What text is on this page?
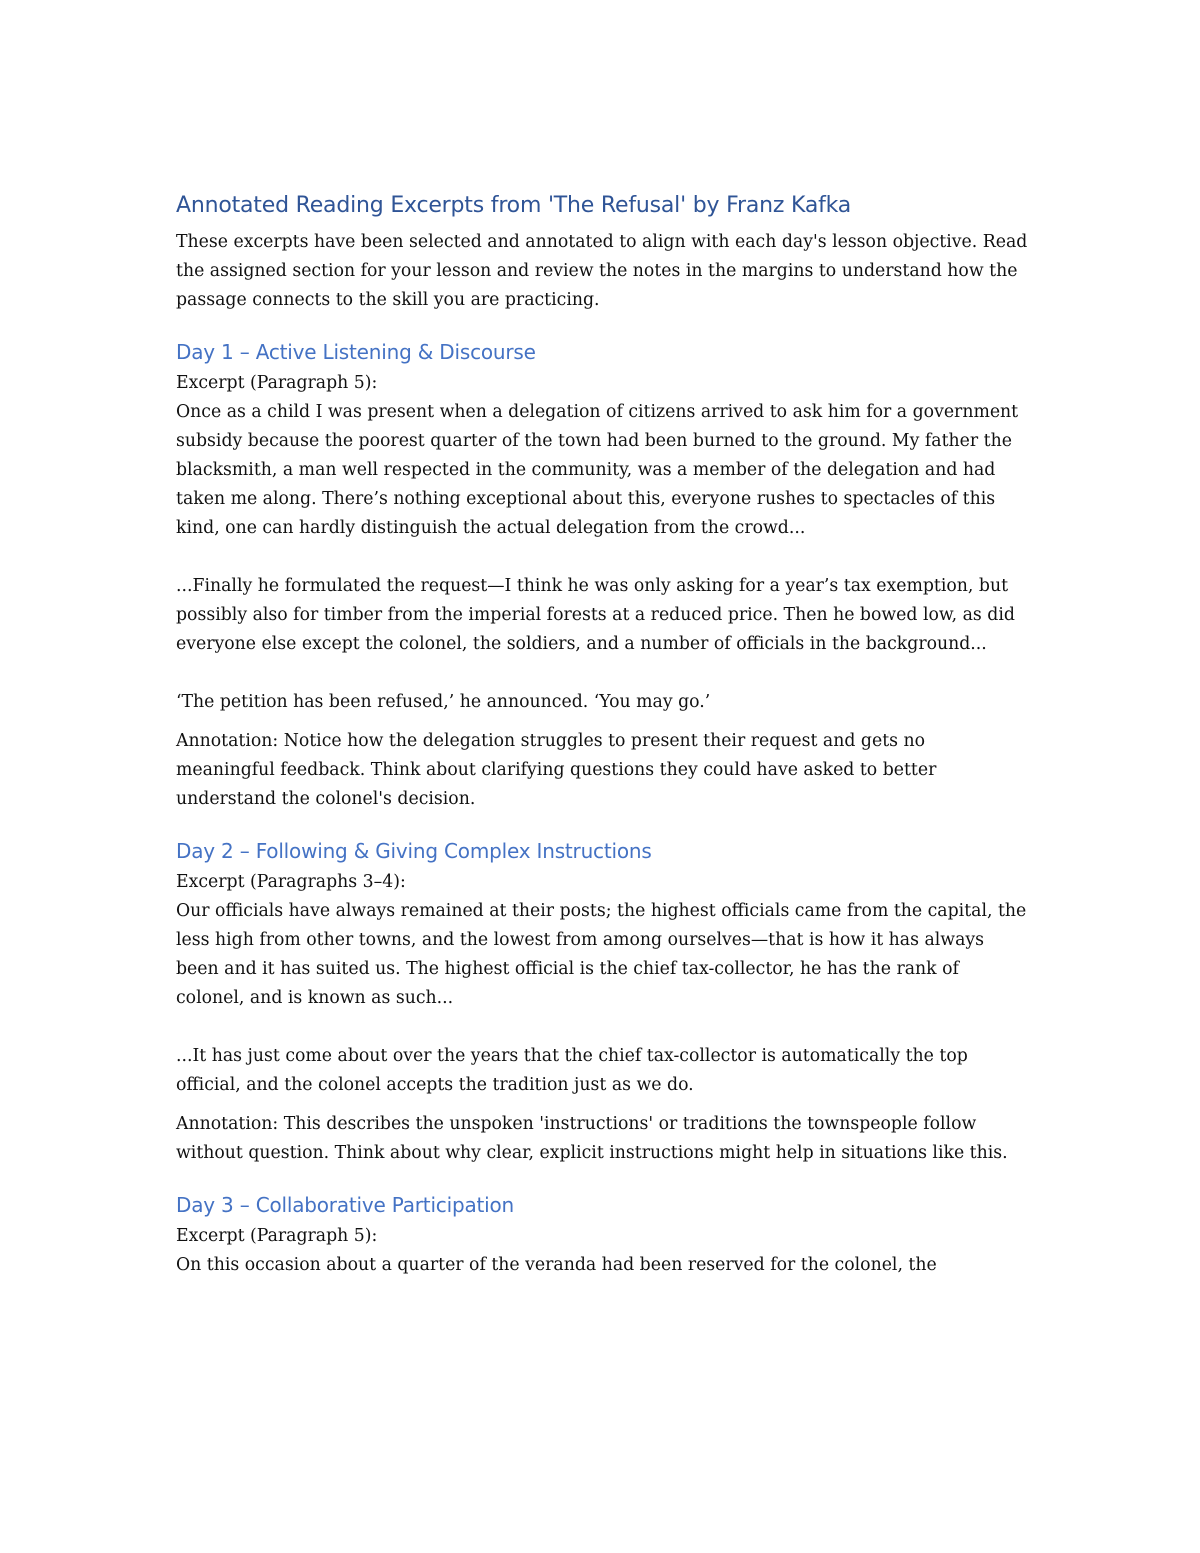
Annotated Reading Excerpts from 'The Refusal' by Franz Kafka

These excerpts have been selected and annotated to align with each day's lesson objective. Read the assigned section for your lesson and review the notes in the margins to understand how the passage connects to the skill you are practicing.

Day 1 – Active Listening & Discourse

Excerpt (Paragraph 5):

Once as a child I was present when a delegation of citizens arrived to ask him for a government subsidy because the poorest quarter of the town had been burned to the ground. My father the blacksmith, a man well respected in the community, was a member of the delegation and had taken me along. There’s nothing exceptional about this, everyone rushes to spectacles of this kind, one can hardly distinguish the actual delegation from the crowd...

...Finally he formulated the request—I think he was only asking for a year’s tax exemption, but possibly also for timber from the imperial forests at a reduced price. Then he bowed low, as did everyone else except the colonel, the soldiers, and a number of officials in the background...

‘The petition has been refused,’ he announced. ‘You may go.’

Annotation: Notice how the delegation struggles to present their request and gets no meaningful feedback. Think about clarifying questions they could have asked to better understand the colonel's decision.

Day 2 – Following & Giving Complex Instructions

Excerpt (Paragraphs 3–4):

Our officials have always remained at their posts; the highest officials came from the capital, the less high from other towns, and the lowest from among ourselves—that is how it has always been and it has suited us. The highest official is the chief tax-collector, he has the rank of colonel, and is known as such...

...It has just come about over the years that the chief tax-collector is automatically the top official, and the colonel accepts the tradition just as we do.

Annotation: This describes the unspoken 'instructions' or traditions the townspeople follow without question. Think about why clear, explicit instructions might help in situations like this.

Day 3 – Collaborative Participation

Excerpt (Paragraph 5):

On this occasion about a quarter of the veranda had been reserved for the colonel, the
